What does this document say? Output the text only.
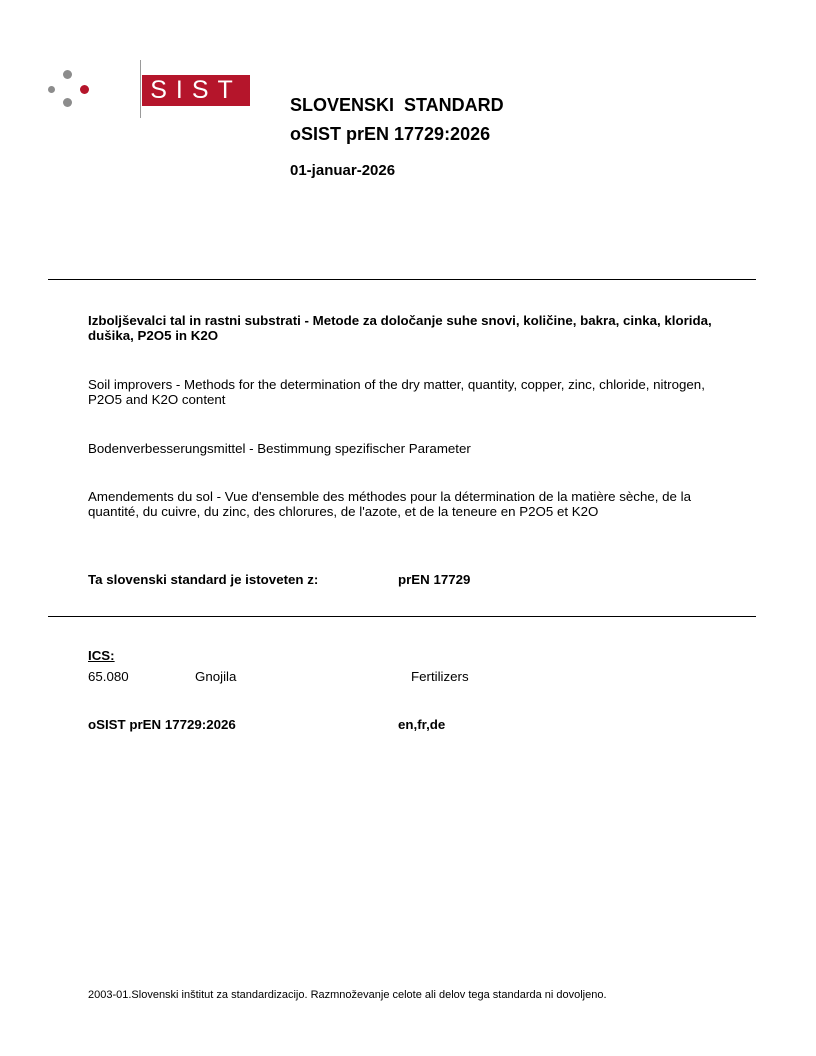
SIST
SLOVENSKI  STANDARD
oSIST prEN 17729:2026
01-januar-2026
Izboljševalci tal in rastni substrati - Metode za določanje suhe snovi, količine, bakra, cinka, klorida, dušika, P2O5 in K2O
Soil improvers - Methods for the determination of the dry matter, quantity, copper, zinc, chloride, nitrogen, P2O5 and K2O content
Bodenverbesserungsmittel - Bestimmung spezifischer Parameter
Amendements du sol - Vue d'ensemble des méthodes pour la détermination de la matière sèche, de la quantité, du cuivre, du zinc, des chlorures, de l'azote, et de la teneure en P2O5 et K2O
Ta slovenski standard je istoveten z:	prEN 17729
ICS:
65.080	Gnojila	Fertilizers
oSIST prEN 17729:2026	en,fr,de
2003-01.Slovenski inštitut za standardizacijo. Razmnoževanje celote ali delov tega standarda ni dovoljeno.
